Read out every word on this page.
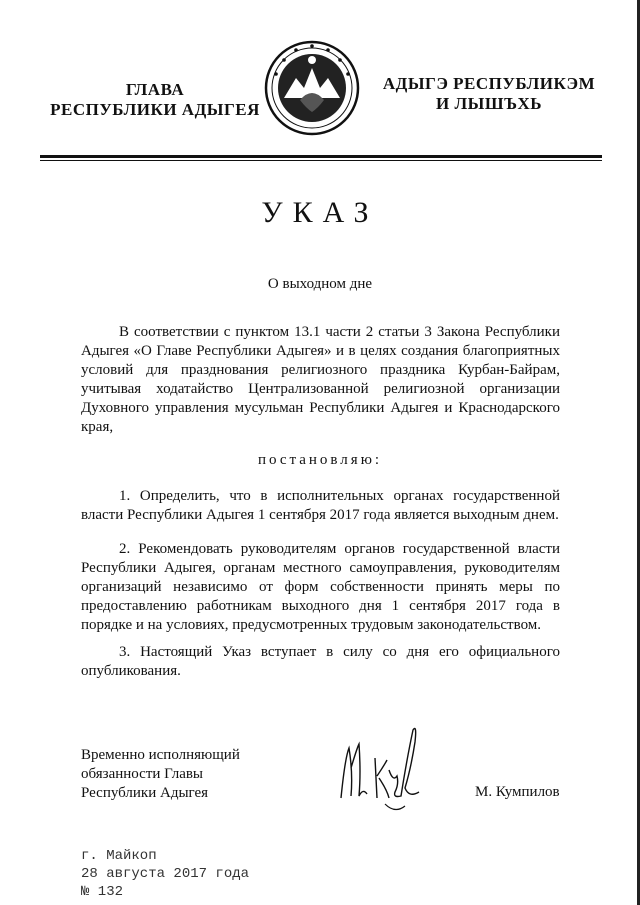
ГЛАВА
РЕСПУБЛИКИ АДЫГЕЯ
АДЫГЭ РЕСПУБЛИКЭМ
И ЛЫШЪХЬ
УКАЗ
О выходном дне
В соответствии с пунктом 13.1 части 2 статьи 3 Закона Республики Адыгея «О Главе Республики Адыгея» и в целях создания благоприятных условий для празднования религиозного праздника Курбан-Байрам, учитывая ходатайство Централизованной религиозной организации Духовного управления мусульман Республики Адыгея и Краснодарского края,
постановляю:
1. Определить, что в исполнительных органах государственной власти Республики Адыгея 1 сентября 2017 года является выходным днем.
2. Рекомендовать руководителям органов государственной власти Республики Адыгея, органам местного самоуправления, руководителям организаций независимо от форм собственности принять меры по предоставлению работникам выходного дня 1 сентября 2017 года в порядке и на условиях, предусмотренных трудовым законодательством.
3. Настоящий Указ вступает в силу со дня его официального опубликования.
Временно исполняющий
обязанности Главы
Республики Адыгея	М. Кумпилов
г. Майкоп
28 августа 2017 года
№ 132
